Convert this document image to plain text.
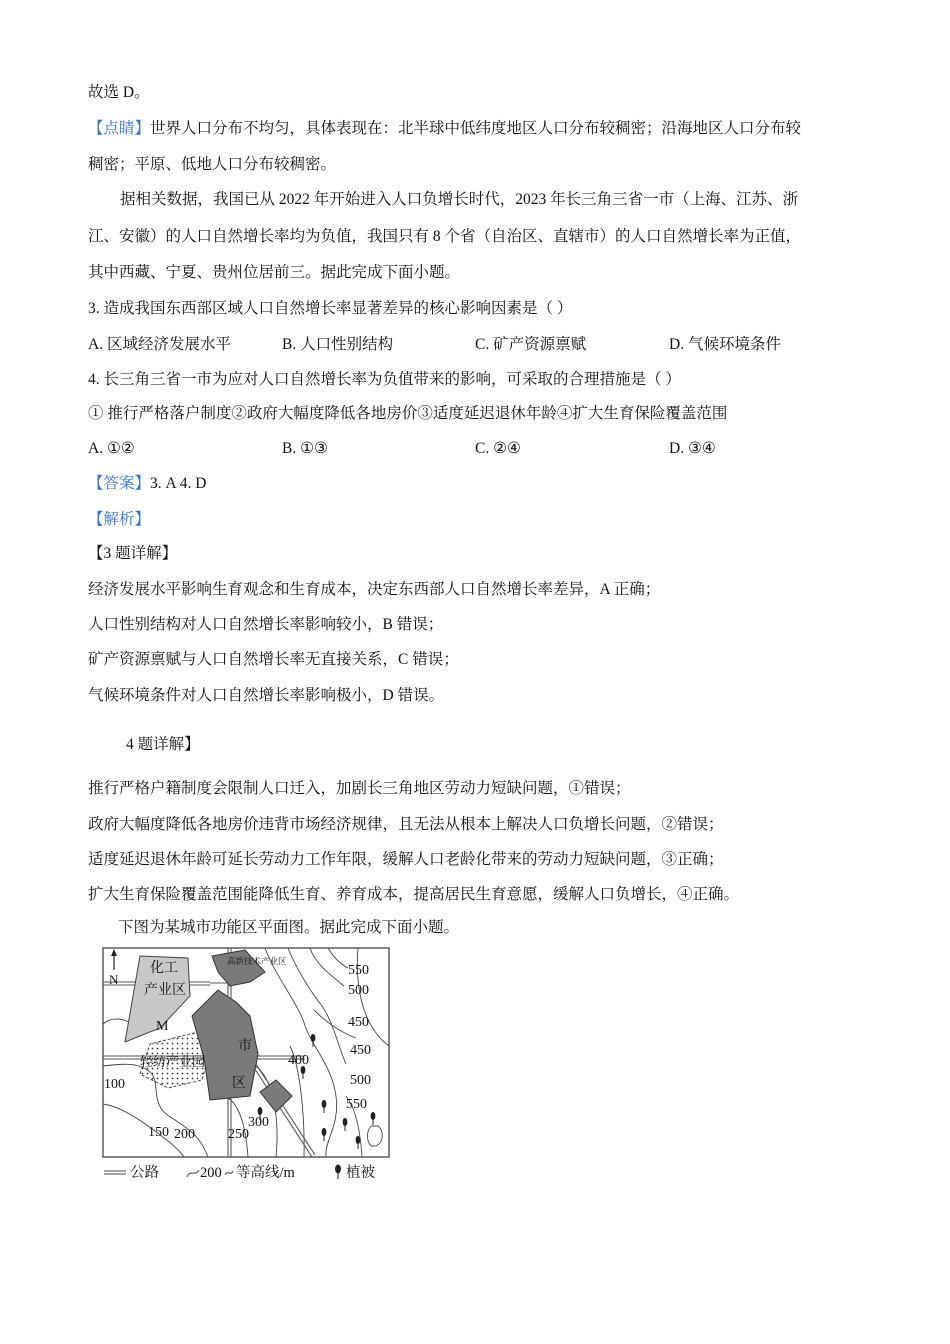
故选 D。
【点睛】世界人口分布不均匀，具体表现在：北半球中低纬度地区人口分布较稠密；沿海地区人口分布较
稠密；平原、低地人口分布较稠密。
据相关数据，我国已从 2022 年开始进入人口负增长时代，2023 年长三角三省一市（上海、江苏、浙
江、安徽）的人口自然增长率均为负值，我国只有 8 个省（自治区、直辖市）的人口自然增长率为正值，
其中西藏、宁夏、贵州位居前三。据此完成下面小题。
3. 造成我国东西部区域人口自然增长率显著差异的核心影响因素是（ ）
A. 区域经济发展水平	B. 人口性别结构	C. 矿产资源禀赋	D. 气候环境条件
4. 长三角三省一市为应对人口自然增长率为负值带来的影响，可采取的合理措施是（ ）
① 推行严格落户制度②政府大幅度降低各地房价③适度延迟退休年龄④扩大生育保险覆盖范围
A. ①②	B. ①③	C. ②④	D. ③④
【答案】3. A 4. D
【解析】
【3 题详解】
经济发展水平影响生育观念和生育成本，决定东西部人口自然增长率差异，A 正确；
人口性别结构对人口自然增长率影响较小，B 错误；
矿产资源禀赋与人口自然增长率无直接关系，C 错误；
气候环境条件对人口自然增长率影响极小，D 错误。
4 题详解】
推行严格户籍制度会限制人口迁入，加剧长三角地区劳动力短缺问题，①错误；
政府大幅度降低各地房价违背市场经济规律，且无法从根本上解决人口负增长问题，②错误；
适度延迟退休年龄可延长劳动力工作年限，缓解人口老龄化带来的劳动力短缺问题，③正确；
扩大生育保险覆盖范围能降低生育、养育成本，提高居民生育意愿，缓解人口负增长，④正确。
下图为某城市功能区平面图。据此完成下面小题。
N
化工
产业区
高新技术产业区
M
轻纺产业园
市
区
100
150 200 250
300
400
450
450
500
500
550
550
公路	200 等高线/m	植被
